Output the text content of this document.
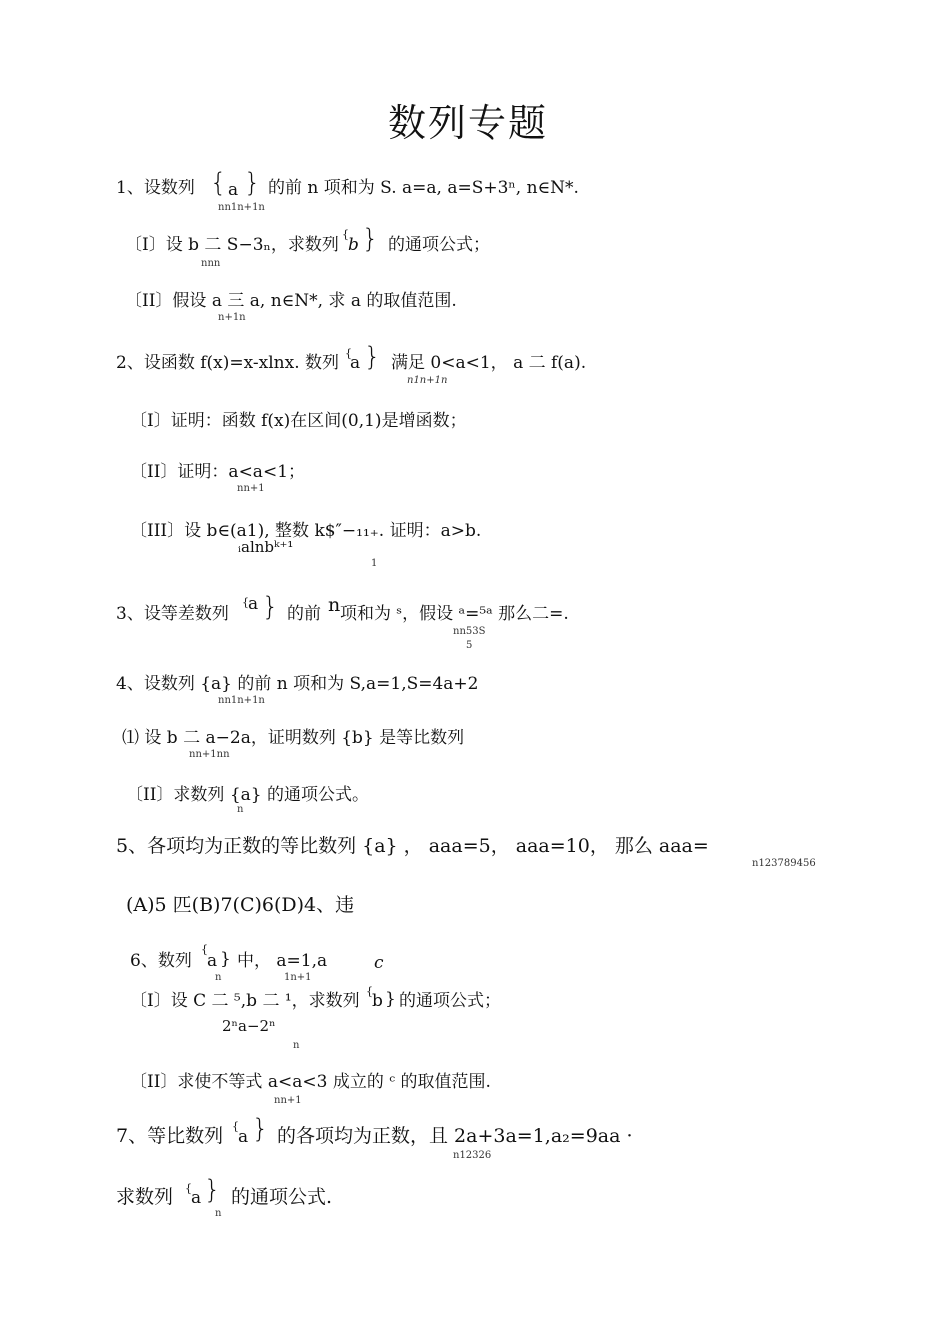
数列专题
1、设数列 { a } 的前 n 项和为 S. a=a, a=S+3ⁿ, n∈N*.
nn1n+1n
〔I〕设 b 二 S−3ₙ，求数列
{
b } 的通项公式；
nnn
〔II〕假设 a 三 a, n∈N*, 求 a 的取值范围.
n+1n
2、设函数 f(x)=x-xlnx. 数列 {
a } 满足 0<a<1， a 二 f(a).
n1n+1n
〔I〕证明：函数 f(x)在区间(0,1)是增函数；
〔II〕证明：a<a<1；
nn+1
〔III〕设 b∈(a1), 整数 k$″−₁₁₊. 证明：a>b.
ᵢalnbᵏ⁺¹
1
3、设等差数列
{ a } 的前 n 项和为 ˢ，假设 ᵃ=⁵ᵃ 那么二=.
nn53S
5
4、设数列 {a} 的前 n 项和为 S,a=1,S=4a+2
nn1n+1n
⑴ 设 b 二 a−2a，证明数列 {b} 是等比数列
nn+1nn
〔II〕求数列 {a} 的通项公式。
n
5、各项均为正数的等比数列 {a} ， aaa=5， aaa=10， 那么 aaa=
n123789456
(A)5 匹(B)7(C)6(D)4、违
6、数列
{
a } 中， a=1,a	c
n	1n+1
〔I〕设 C 二 ⁵,b 二 ¹，求数列 { b } 的通项公式；
2ⁿa−2ⁿ
n
〔II〕求使不等式 a<a<3 成立的 ᶜ 的取值范围.
nn+1
7、等比数列 {
a } 的各项均为正数，且 2a+3a=1,a₂=9aa ·
n12326
求数列 { a } 的通项公式.
n
